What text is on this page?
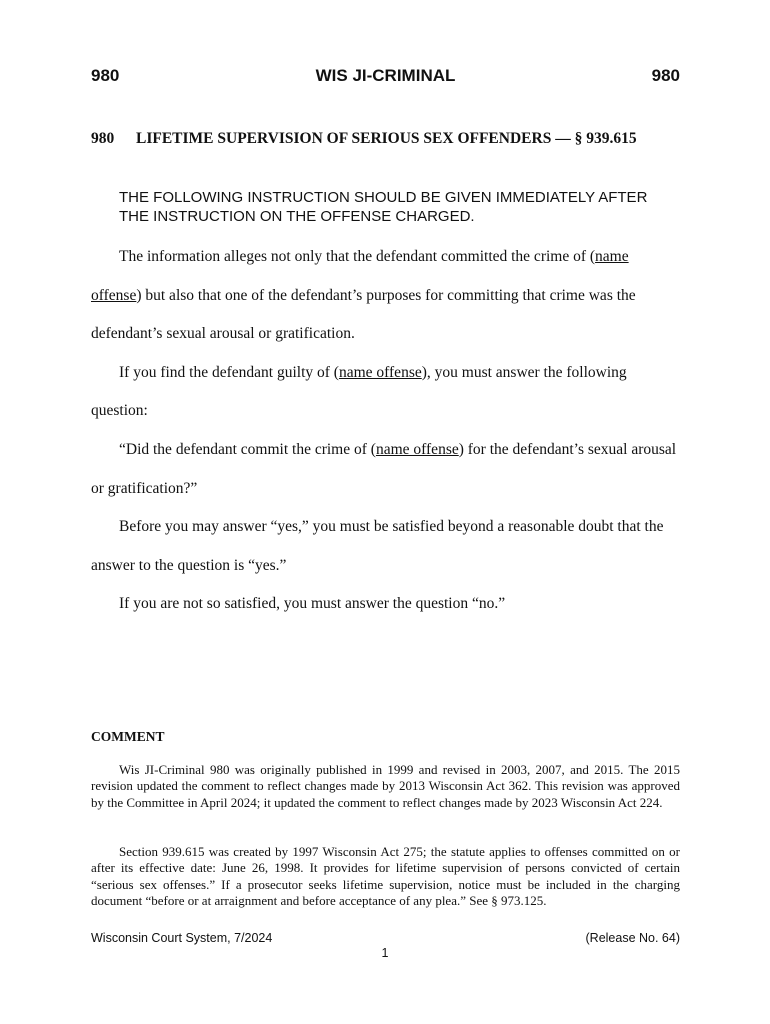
980	WIS JI-CRIMINAL	980
980 LIFETIME SUPERVISION OF SERIOUS SEX OFFENDERS — § 939.615
THE FOLLOWING INSTRUCTION SHOULD BE GIVEN IMMEDIATELY AFTER THE INSTRUCTION ON THE OFFENSE CHARGED.

The information alleges not only that the defendant committed the crime of (name offense) but also that one of the defendant’s purposes for committing that crime was the defendant’s sexual arousal or gratification.

If you find the defendant guilty of (name offense), you must answer the following question:

“Did the defendant commit the crime of (name offense) for the defendant’s sexual arousal or gratification?”

Before you may answer “yes,” you must be satisfied beyond a reasonable doubt that the answer to the question is “yes.”

If you are not so satisfied, you must answer the question “no.”

COMMENT

Wis JI-Criminal 980 was originally published in 1999 and revised in 2003, 2007, and 2015. The 2015 revision updated the comment to reflect changes made by 2013 Wisconsin Act 362. This revision was approved by the Committee in April 2024; it updated the comment to reflect changes made by 2023 Wisconsin Act 224.

Section 939.615 was created by 1997 Wisconsin Act 275; the statute applies to offenses committed on or after its effective date: June 26, 1998. It provides for lifetime supervision of persons convicted of certain “serious sex offenses.” If a prosecutor seeks lifetime supervision, notice must be included in the charging document “before or at arraignment and before acceptance of any plea.” See § 973.125.

Wisconsin Court System, 7/2024	(Release No. 64)
1
